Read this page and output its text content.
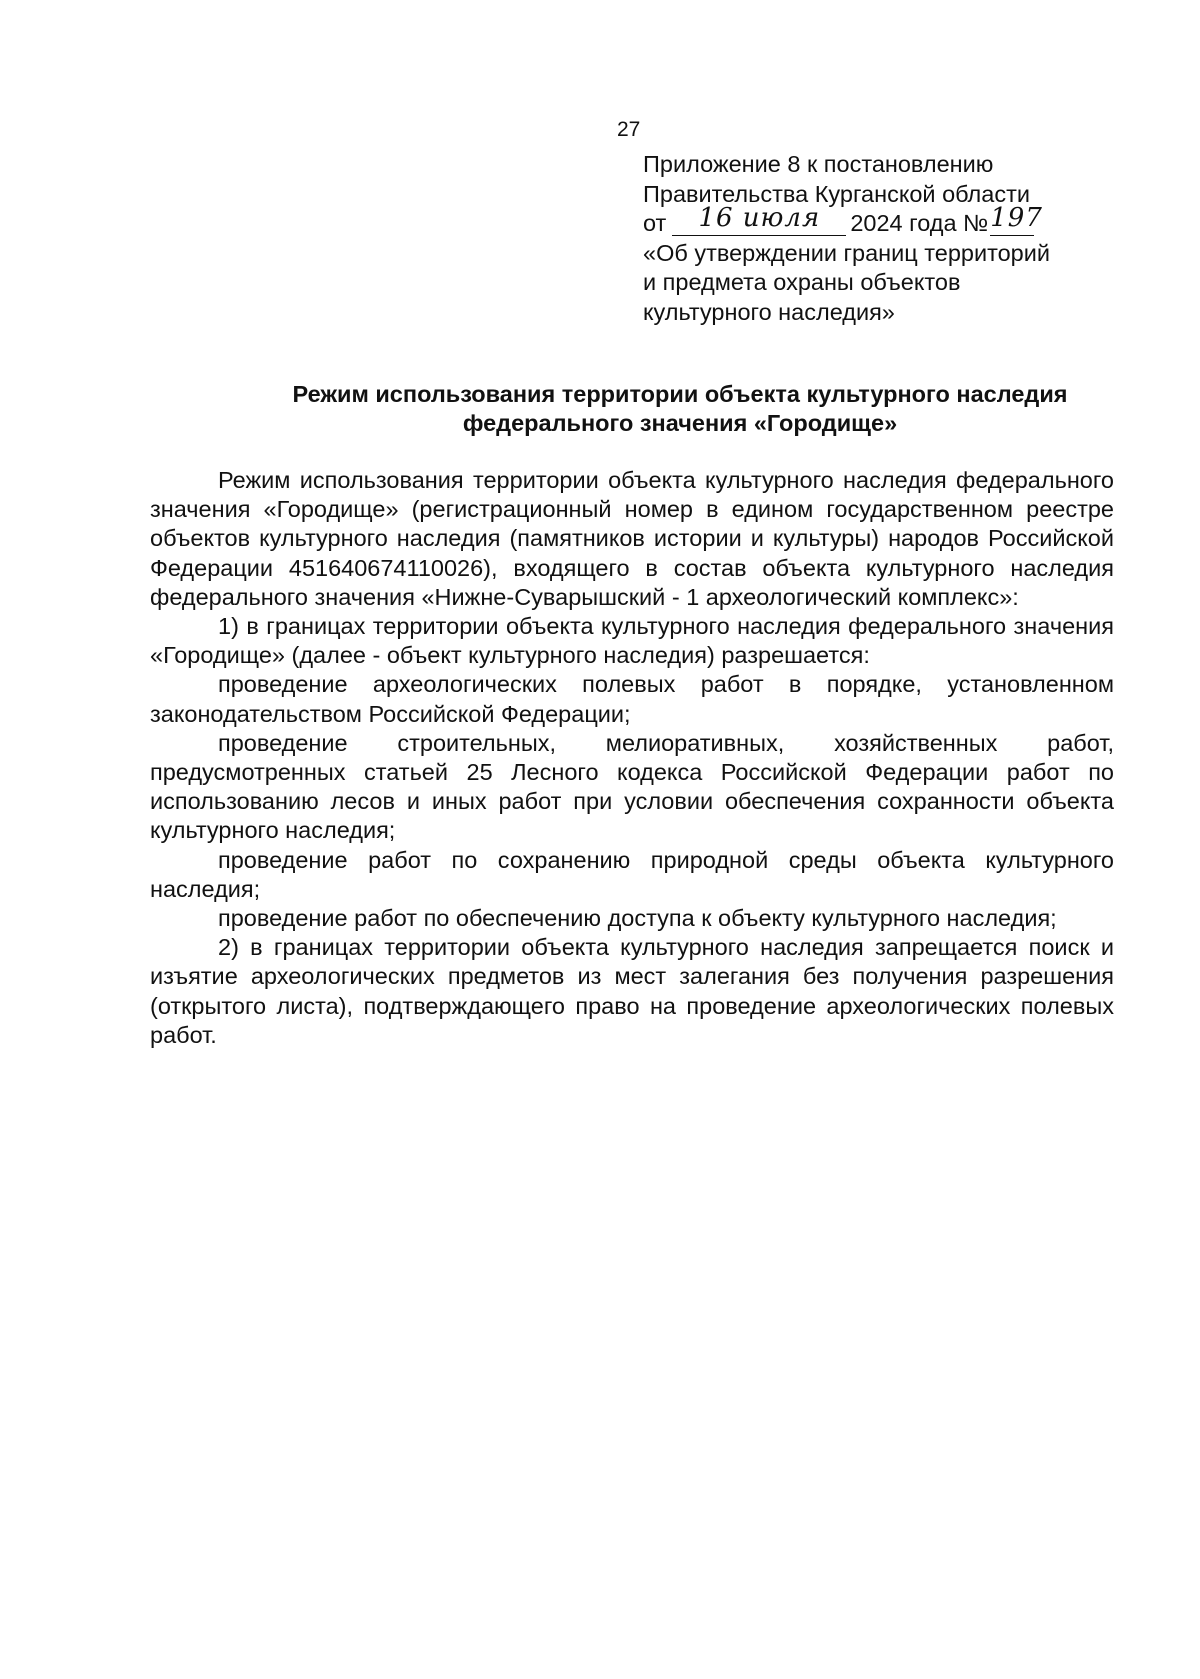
27
Приложение 8 к постановлению
Правительства Курганской области
от 16 июля 2024 года №197
«Об утверждении границ территорий
и предмета охраны объектов
культурного наследия»
Режим использования территории объекта культурного наследия
федерального значения «Городище»

Режим использования территории объекта культурного наследия федерального значения «Городище» (регистрационный номер в едином государственном реестре объектов культурного наследия (памятников истории и культуры) народов Российской Федерации 451640674110026), входящего в состав объекта культурного наследия федерального значения «Нижне-Суварышский - 1 археологический комплекс»:

1) в границах территории объекта культурного наследия федерального значения «Городище» (далее - объект культурного наследия) разрешается:

проведение археологических полевых работ в порядке, установленном законодательством Российской Федерации;

проведение строительных, мелиоративных, хозяйственных работ, предусмотренных статьей 25 Лесного кодекса Российской Федерации работ по использованию лесов и иных работ при условии обеспечения сохранности объекта культурного наследия;

проведение работ по сохранению природной среды объекта культурного наследия;

проведение работ по обеспечению доступа к объекту культурного наследия;

2) в границах территории объекта культурного наследия запрещается поиск и изъятие археологических предметов из мест залегания без получения разрешения (открытого листа), подтверждающего право на проведение археологических полевых работ.
